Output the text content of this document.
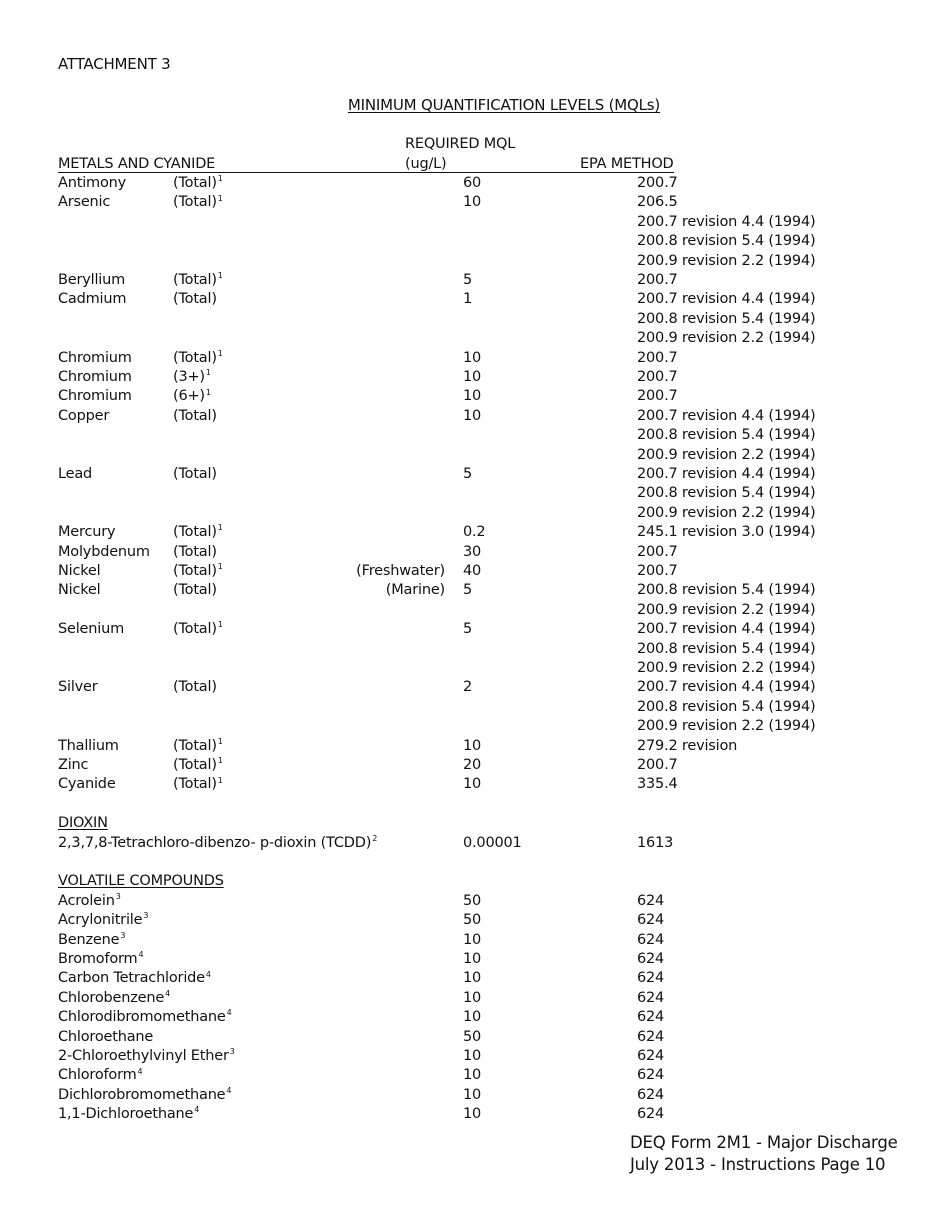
ATTACHMENT 3
MINIMUM QUANTIFICATION LEVELS (MQLs)
REQUIRED MQL
METALS AND CYANIDE	(ug/L)	EPA METHOD
Antimony	(Total)$^1$	60	200.7
Arsenic	(Total)$^1$	10	206.5
200.7 revision 4.4 (1994)
200.8 revision 5.4 (1994)
200.9 revision 2.2 (1994)
Beryllium	(Total)$^1$	5	200.7
Cadmium	(Total)	1	200.7 revision 4.4 (1994)
200.8 revision 5.4 (1994)
200.9 revision 2.2 (1994)
Chromium	(Total)$^1$	10	200.7
Chromium	$(3+)^1$	10	200.7
Chromium	$(6+)^1$	10	200.7
Copper	(Total)	10	200.7 revision 4.4 (1994)
200.8 revision 5.4 (1994)
200.9 revision 2.2 (1994)
Lead	(Total)	5	200.7 revision 4.4 (1994)
200.8 revision 5.4 (1994)
200.9 revision 2.2 (1994)
Mercury	(Total)$^1$	0.2	245.1 revision 3.0 (1994)
Molybdenum (Total)	30	200.7
Nickel	(Total)$^1$	(Freshwater) 40	200.7
Nickel	(Total)	(Marine) 5	200.8 revision 5.4 (1994)
200.9 revision 2.2 (1994)
Selenium	(Total)$^1$	5	200.7 revision 4.4 (1994)
200.8 revision 5.4 (1994)
200.9 revision 2.2 (1994)
Silver	(Total)	2	200.7 revision 4.4 (1994)
200.8 revision 5.4 (1994)
200.9 revision 2.2 (1994)
Thallium	(Total)$^1$	10	279.2 revision
Zinc	(Total)$^1$	20	200.7
Cyanide	(Total)$^1$	10	335.4
DIOXIN
2,3,7,8-Tetrachloro-dibenzo- p-dioxin (TCDD)$^2$	0.00001	1613
VOLATILE COMPOUNDS
Acrolein$^3$	50	624
Acrylonitrile$^3$	50	624
Benzene$^3$	10	624
Bromoform$^4$	10	624
Carbon Tetrachloride$^4$	10	624
Chlorobenzene$^4$	10	624
Chlorodibromomethane$^4$	10	624
Chloroethane	50	624
2-Chloroethylvinyl Ether$^3$	10	624
Chloroform$^4$	10	624
Dichlorobromomethane$^4$	10	624
1,1-Dichloroethane$^4$	10	624
DEQ Form 2M1 - Major Discharge
July 2013 - Instructions Page 10
